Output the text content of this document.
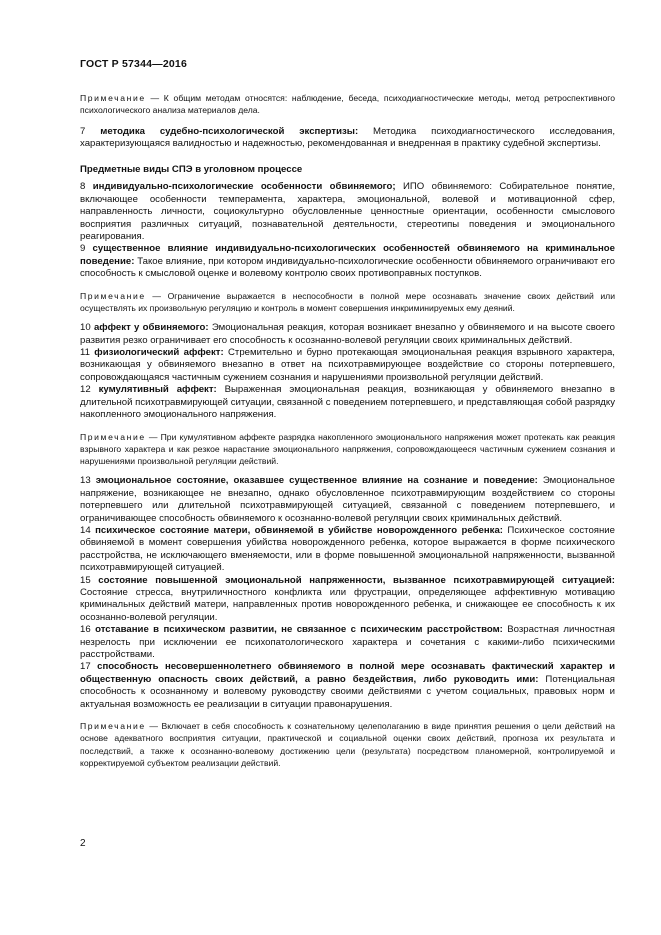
ГОСТ Р 57344—2016

Примечание — К общим методам относятся: наблюдение, беседа, психодиагностические методы, метод ретроспективного психологического анализа материалов дела.

7 методика судебно-психологической экспертизы: Методика психодиагностического исследования, характеризующаяся валидностью и надежностью, рекомендованная и внедренная в практику судебной экспертизы.

Предметные виды СПЭ в уголовном процессе

8 индивидуально-психологические особенности обвиняемого; ИПО обвиняемого: Собирательное понятие, включающее особенности темперамента, характера, эмоциональной, волевой и мотивационной сфер, направленность личности, социокультурно обусловленные ценностные ориентации, особенности смыслового восприятия различных ситуаций, познавательной деятельности, стереотипы поведения и эмоционального реагирования.

9 существенное влияние индивидуально-психологических особенностей обвиняемого на криминальное поведение: Такое влияние, при котором индивидуально-психологические особенности обвиняемого ограничивают его способность к смысловой оценке и волевому контролю своих противоправных поступков.

Примечание — Ограничение выражается в неспособности в полной мере осознавать значение своих действий или осуществлять их произвольную регуляцию и контроль в момент совершения инкриминируемых ему деяний.

10 аффект у обвиняемого: Эмоциональная реакция, которая возникает внезапно у обвиняемого и на высоте своего развития резко ограничивает его способность к осознанно-волевой регуляции своих криминальных действий.

11 физиологический аффект: Стремительно и бурно протекающая эмоциональная реакция взрывного характера, возникающая у обвиняемого внезапно в ответ на психотравмирующее воздействие со стороны потерпевшего, сопровождающаяся частичным сужением сознания и нарушениями произвольной регуляции действий.

12 кумулятивный аффект: Выраженная эмоциональная реакция, возникающая у обвиняемого внезапно в длительной психотравмирующей ситуации, связанной с поведением потерпевшего, и представляющая собой разрядку накопленного эмоционального напряжения.

Примечание — При кумулятивном аффекте разрядка накопленного эмоционального напряжения может протекать как реакция взрывного характера и как резкое нарастание эмоционального напряжения, сопровождающееся частичным сужением сознания и нарушениями произвольной регуляции действий.

13 эмоциональное состояние, оказавшее существенное влияние на сознание и поведение: Эмоциональное напряжение, возникающее не внезапно, однако обусловленное психотравмирующим воздействием со стороны потерпевшего или длительной психотравмирующей ситуацией, связанной с поведением потерпевшего, и ограничивающее способность обвиняемого к осознанно-волевой регуляции своих криминальных действий.

14 психическое состояние матери, обвиняемой в убийстве новорожденного ребенка: Психическое состояние обвиняемой в момент совершения убийства новорожденного ребенка, которое выражается в форме психического расстройства, не исключающего вменяемости, или в форме повышенной эмоциональной напряженности, вызванной психотравмирующей ситуацией.

15 состояние повышенной эмоциональной напряженности, вызванное психотравмирующей ситуацией: Состояние стресса, внутриличностного конфликта или фрустрации, определяющее аффективную мотивацию криминальных действий матери, направленных против новорожденного ребенка, и снижающее ее способность к их осознанно-волевой регуляции.

16 отставание в психическом развитии, не связанное с психическим расстройством: Возрастная личностная незрелость при исключении ее психопатологического характера и сочетания с какими-либо психическими расстройствами.

17 способность несовершеннолетнего обвиняемого в полной мере осознавать фактический характер и общественную опасность своих действий, а равно бездействия, либо руководить ими: Потенциальная способность к осознанному и волевому руководству своими действиями с учетом социальных, правовых норм и актуальная возможность ее реализации в ситуации правонарушения.

Примечание — Включает в себя способность к сознательному целеполаганию в виде принятия решения о цели действий на основе адекватного восприятия ситуации, практической и социальной оценки своих действий, прогноза их результата и последствий, а также к осознанно-волевому достижению цели (результата) посредством планомерной, контролируемой и корректируемой субъектом реализации действий.

2
